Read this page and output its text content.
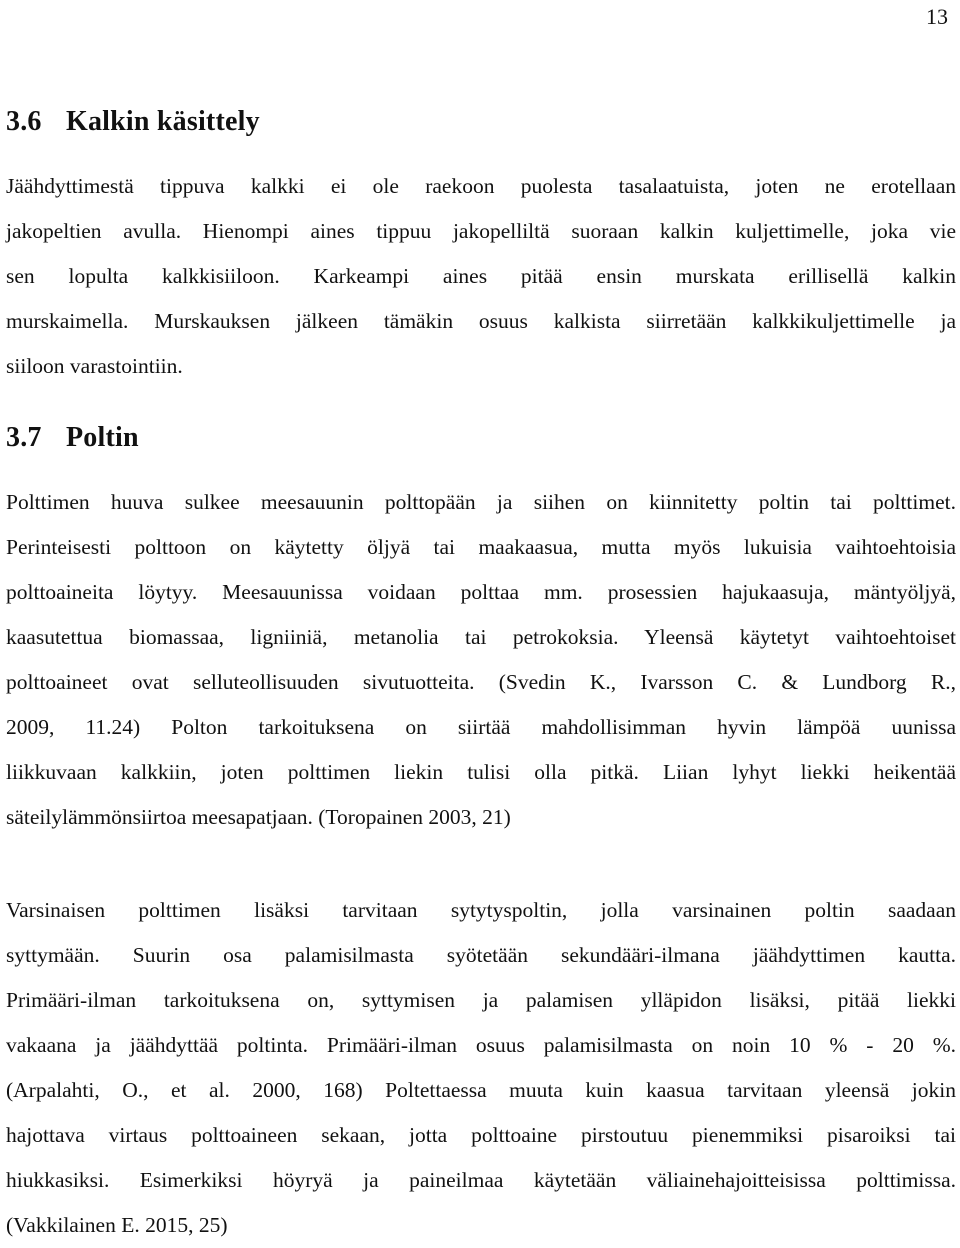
13
3.6 Kalkin käsittely

Jäähdyttimestä tippuva kalkki ei ole raekoon puolesta tasalaatuista, joten ne erotellaan
jakopeltien avulla. Hienompi aines tippuu jakopelliltä suoraan kalkin kuljettimelle, joka vie
sen lopulta kalkkisiiloon. Karkeampi aines pitää ensin murskata erillisellä kalkin
murskaimella. Murskauksen jälkeen tämäkin osuus kalkista siirretään kalkkikuljettimelle ja
siiloon varastointiin.

3.7 Poltin

Polttimen huuva sulkee meesauunin polttopään ja siihen on kiinnitetty poltin tai polttimet.
Perinteisesti polttoon on käytetty öljyä tai maakaasua, mutta myös lukuisia vaihtoehtoisia
polttoaineita löytyy. Meesauunissa voidaan polttaa mm. prosessien hajukaasuja, mäntyöljyä,
kaasutettua biomassaa, ligniiniä, metanolia tai petrokoksia. Yleensä käytetyt vaihtoehtoiset
polttoaineet ovat selluteollisuuden sivutuotteita. (Svedin K., Ivarsson C. & Lundborg R.,
2009, 11.24) Polton tarkoituksena on siirtää mahdollisimman hyvin lämpöä uunissa
liikkuvaan kalkkiin, joten polttimen liekin tulisi olla pitkä. Liian lyhyt liekki heikentää
säteilylämmönsiirtoa meesapatjaan. (Toropainen 2003, 21)

Varsinaisen polttimen lisäksi tarvitaan sytytyspoltin, jolla varsinainen poltin saadaan
syttymään. Suurin osa palamisilmasta syötetään sekundääri-ilmana jäähdyttimen kautta.
Primääri-ilman tarkoituksena on, syttymisen ja palamisen ylläpidon lisäksi, pitää liekki
vakaana ja jäähdyttää poltinta. Primääri-ilman osuus palamisilmasta on noin 10 % - 20 %.
(Arpalahti, O., et al. 2000, 168) Poltettaessa muuta kuin kaasua tarvitaan yleensä jokin
hajottava virtaus polttoaineen sekaan, jotta polttoaine pirstoutuu pienemmiksi pisaroiksi tai
hiukkasiksi. Esimerkiksi höyryä ja paineilmaa käytetään väliainehajoitteisissa polttimissa.
(Vakkilainen E. 2015, 25)
